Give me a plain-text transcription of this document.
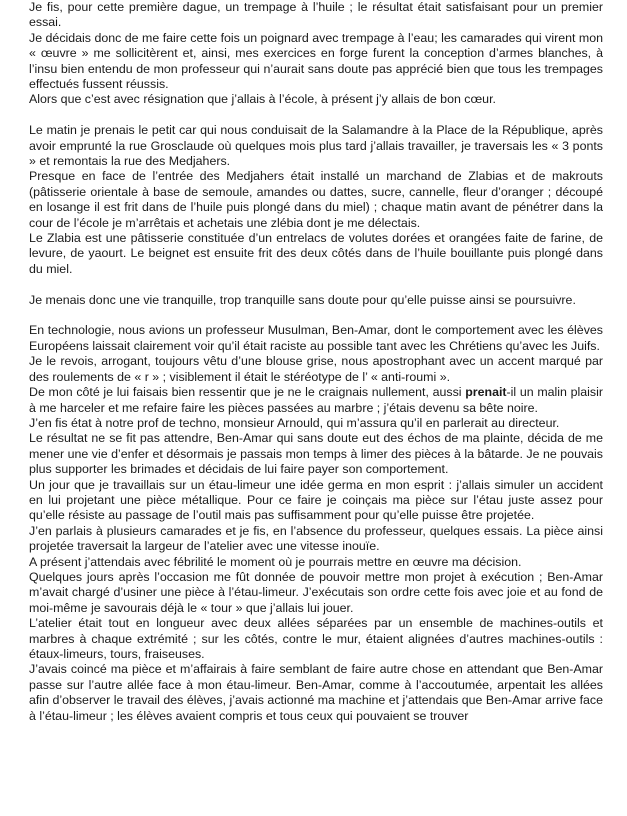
Je fis, pour cette première dague, un trempage à l’huile ; le résultat était satisfaisant pour un premier essai.

Je décidais donc de me faire cette fois un poignard avec trempage à l’eau; les camarades qui virent mon « œuvre » me sollicitèrent et, ainsi, mes exercices en forge furent la conception d’armes blanches, à l’insu bien entendu de mon professeur qui n’aurait sans doute pas apprécié bien que tous les trempages effectués fussent réussis.

Alors que c’est avec résignation que j’allais à l’école, à présent j’y allais de bon cœur.

Le matin je prenais le petit car qui nous conduisait de la Salamandre à la Place de la République, après avoir emprunté la rue Grosclaude où quelques mois plus tard j’allais travailler, je traversais les « 3 ponts » et remontais la rue des Medjahers.

Presque en face de l’entrée des Medjahers était installé un marchand de Zlabias et de makrouts (pâtisserie orientale à base de semoule, amandes ou dattes, sucre, cannelle, fleur d’oranger ; découpé en losange il est frit dans de l’huile puis plongé dans du miel) ; chaque matin avant de pénétrer dans la cour de l’école je m’arrêtais et achetais une zlébia dont je me délectais.

Le Zlabia est une pâtisserie constituée d’un entrelacs de volutes dorées et orangées faite de farine, de levure, de yaourt. Le beignet est ensuite frit des deux côtés dans de l’huile bouillante puis plongé dans du miel.

Je menais donc une vie tranquille, trop tranquille sans doute pour qu’elle puisse ainsi se poursuivre.

En technologie, nous avions un professeur Musulman, Ben-Amar, dont le comportement avec les élèves Européens laissait clairement voir qu’il était raciste au possible tant avec les Chrétiens qu’avec les Juifs.

Je le revois, arrogant, toujours vêtu d’une blouse grise, nous apostrophant avec un accent marqué par des roulements de « r » ; visiblement il était le stéréotype de l’ « anti-roumi ».

De mon côté je lui faisais bien ressentir que je ne le craignais nullement, aussi prenait-il un malin plaisir à me harceler et me refaire faire les pièces passées au marbre ; j’étais devenu sa bête noire.

J’en fis état à notre prof de techno, monsieur Arnould, qui m’assura qu’il en parlerait au directeur.

Le résultat ne se fit pas attendre, Ben-Amar qui sans doute eut des échos de ma plainte, décida de me mener une vie d’enfer et désormais je passais mon temps à limer des pièces à la bâtarde. Je ne pouvais plus supporter les brimades et décidais de lui faire payer son comportement.

Un jour que je travaillais sur un étau-limeur une idée germa en mon esprit : j’allais simuler un accident en lui projetant une pièce métallique. Pour ce faire je coinçais ma pièce sur l’étau juste assez pour qu’elle résiste au passage de l’outil mais pas suffisamment pour qu’elle puisse être projetée.

J’en parlais à plusieurs camarades et je fis, en l’absence du professeur, quelques essais. La pièce ainsi projetée traversait la largeur de l’atelier avec une vitesse inouïe.

A présent j’attendais avec fébrilité le moment où je pourrais mettre en œuvre ma décision.

Quelques jours après l’occasion me fût donnée de pouvoir mettre mon projet à exécution ; Ben-Amar m’avait chargé d’usiner une pièce à l’étau-limeur. J’exécutais son ordre cette fois avec joie et au fond de moi-même je savourais déjà le « tour » que j’allais lui jouer.

L’atelier était tout en longueur avec deux allées séparées par un ensemble de machines-outils et marbres à chaque extrémité ; sur les côtés, contre le mur, étaient alignées d’autres machines-outils : étaux-limeurs, tours, fraiseuses.

J’avais coincé ma pièce et m’affairais à faire semblant de faire autre chose en attendant que Ben-Amar passe sur l’autre allée face à mon étau-limeur. Ben-Amar, comme à l’accoutumée, arpentait les allées afin d’observer le travail des élèves, j’avais actionné ma machine et j’attendais que Ben-Amar arrive face à l’étau-limeur ; les élèves avaient compris et tous ceux qui pouvaient se trouver
